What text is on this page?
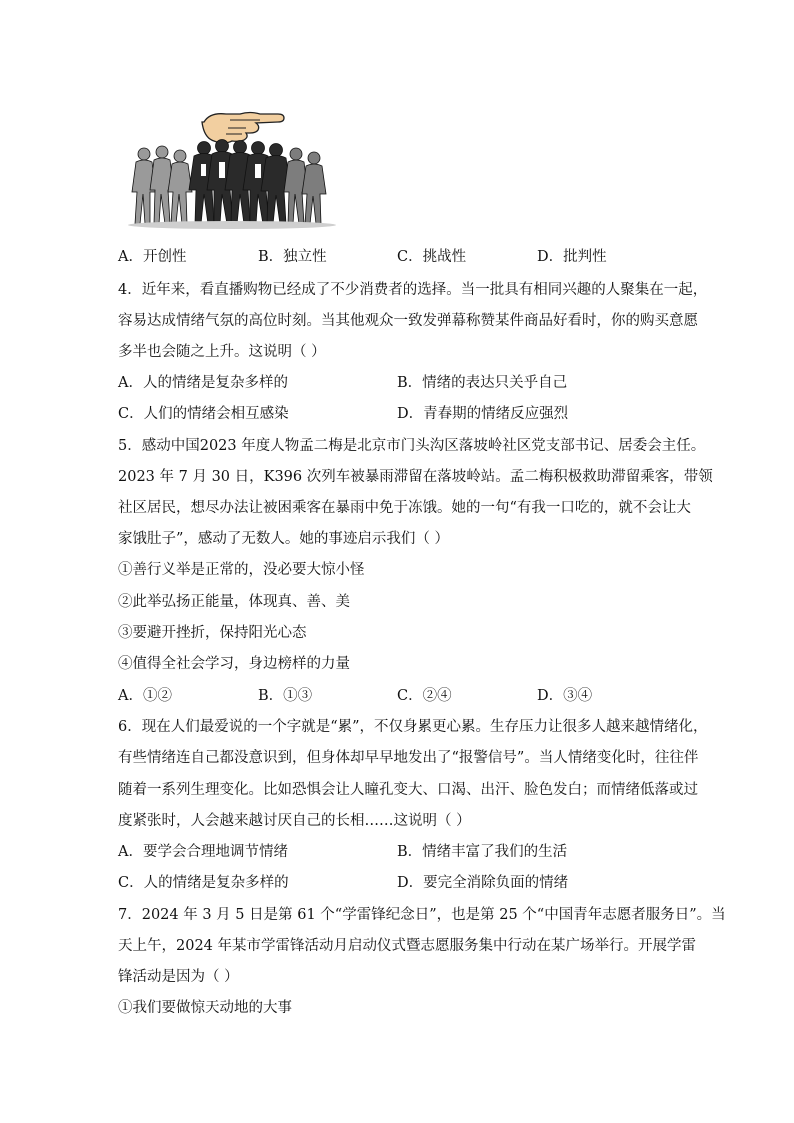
A．开创性	B．独立性	C．挑战性	D．批判性
4．近年来，看直播购物已经成了不少消费者的选择。当一批具有相同兴趣的人聚集在一起，
容易达成情绪气氛的高位时刻。当其他观众一致发弹幕称赞某件商品好看时，你的购买意愿
多半也会随之上升。这说明（ ）
A．人的情绪是复杂多样的	B．情绪的表达只关乎自己
C．人们的情绪会相互感染	D．青春期的情绪反应强烈
5．感动中国2023 年度人物孟二梅是北京市门头沟区落坡岭社区党支部书记、居委会主任。
2023 年 7 月 30 日，K396 次列车被暴雨滞留在落坡岭站。孟二梅积极救助滞留乘客，带领
社区居民，想尽办法让被困乘客在暴雨中免于冻饿。她的一句“有我一口吃的，就不会让大
家饿肚子”，感动了无数人。她的事迹启示我们（ ）
①善行义举是正常的，没必要大惊小怪
②此举弘扬正能量，体现真、善、美
③要避开挫折，保持阳光心态
④值得全社会学习，身边榜样的力量
A．①②	B．①③	C．②④	D．③④
6．现在人们最爱说的一个字就是“累”，不仅身累更心累。生存压力让很多人越来越情绪化，
有些情绪连自己都没意识到，但身体却早早地发出了“报警信号”。当人情绪变化时，往往伴
随着一系列生理变化。比如恐惧会让人瞳孔变大、口渴、出汗、脸色发白；而情绪低落或过
度紧张时，人会越来越讨厌自己的长相……这说明（ ）
A．要学会合理地调节情绪	B．情绪丰富了我们的生活
C．人的情绪是复杂多样的	D．要完全消除负面的情绪
7．2024 年 3 月 5 日是第 61 个“学雷锋纪念日”，也是第 25 个“中国青年志愿者服务日”。当
天上午，2024 年某市学雷锋活动月启动仪式暨志愿服务集中行动在某广场举行。开展学雷
锋活动是因为（ ）
①我们要做惊天动地的大事
